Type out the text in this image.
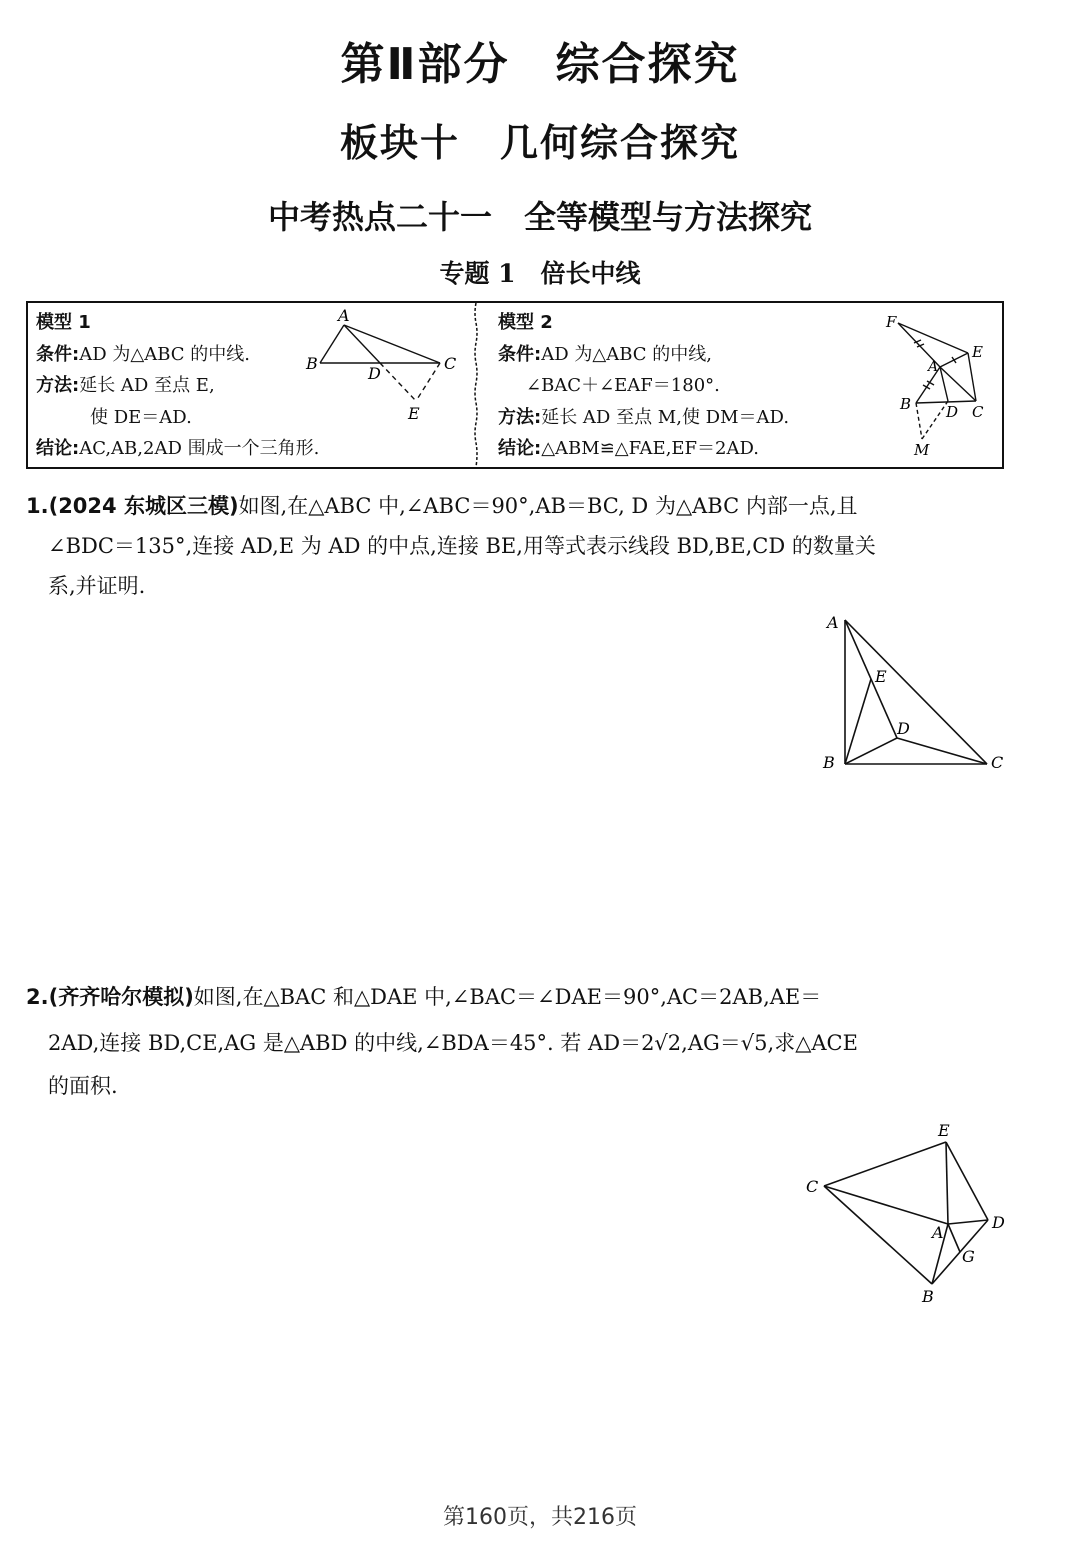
第Ⅱ部分　综合探究
板块十　几何综合探究
中考热点二十一　全等模型与方法探究
专题 1　倍长中线
模型 1
条件:AD 为△ABC 的中线.
方法:延长 AD 至点 E,
使 DE＝AD.
结论:AC,AB,2AD 围成一个三角形.
A
B	C
D
E
模型 2
条件:AD 为△ABC 的中线,
∠BAC＋∠EAF＝180°.
方法:延长 AD 至点 M,使 DM＝AD.
结论:△ABM≌△FAE,EF＝2AD.
F
E
A
B D C
M
1.(2024 东城区三模)如图,在△ABC 中,∠ABC＝90°,AB＝BC, D 为△ABC 内部一点,且
∠BDC＝135°,连接 AD,E 为 AD 的中点,连接 BE,用等式表示线段 BD,BE,CD 的数量关
系,并证明.
A
E
D
B	C
2.(齐齐哈尔模拟)如图,在△BAC 和△DAE 中,∠BAC＝∠DAE＝90°,AC＝2AB,AE＝
2AD,连接 BD,CE,AG 是△ABD 的中线,∠BDA＝45°. 若 AD＝2√2,AG＝√5,求△ACE
的面积.
E
C
A
D
G
B
第160页，共216页
